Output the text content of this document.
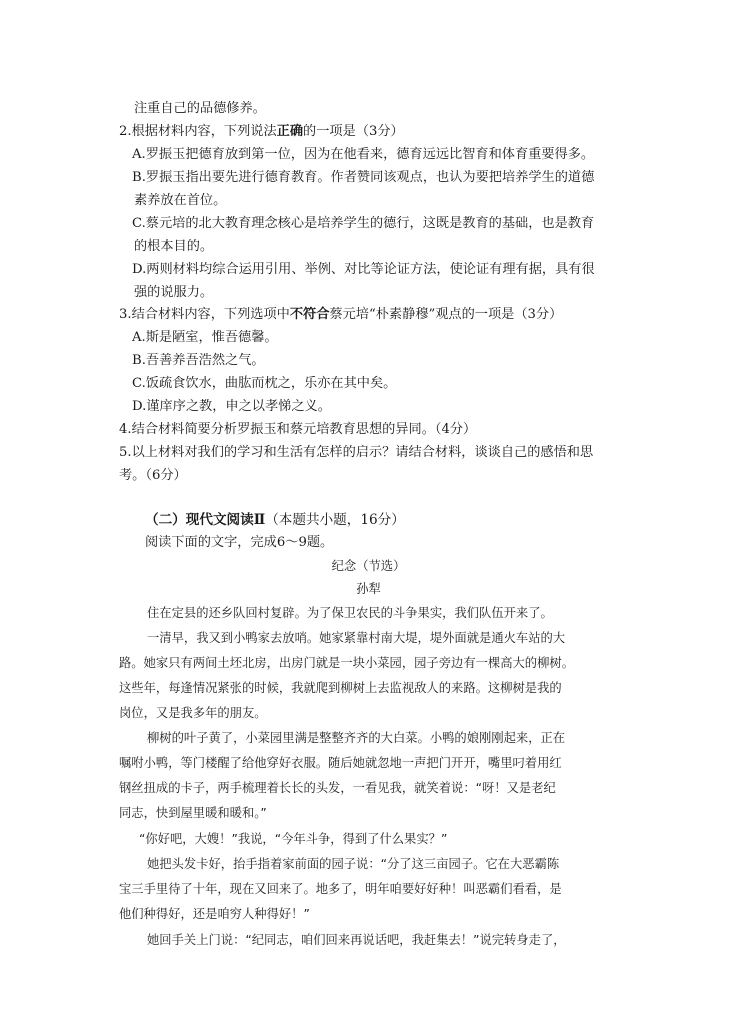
注重自己的品德修养。
2.根据材料内容，下列说法正确的一项是（3分）
A.罗振玉把德育放到第一位，因为在他看来，德育远远比智育和体育重要得多。
B.罗振玉指出要先进行德育教育。作者赞同该观点，也认为要把培养学生的道德
素养放在首位。
C.蔡元培的北大教育理念核心是培养学生的德行，这既是教育的基础，也是教育
的根本目的。
D.两则材料均综合运用引用、举例、对比等论证方法，使论证有理有据，具有很
强的说服力。
3.结合材料内容，下列选项中不符合蔡元培“朴素静穆”观点的一项是（3分）
A.斯是陋室，惟吾德馨。
B.吾善养吾浩然之气。
C.饭疏食饮水，曲肱而枕之，乐亦在其中矣。
D.谨庠序之教，申之以孝悌之义。
4.结合材料简要分析罗振玉和蔡元培教育思想的异同。（4分）
5.以上材料对我们的学习和生活有怎样的启示？请结合材料，谈谈自己的感悟和思
考。（6分）
（二）现代文阅读Ⅱ（本题共小题，16分）
阅读下面的文字，完成6～9题。
纪念（节选）
孙犁
住在定县的还乡队回村复辟。为了保卫农民的斗争果实，我们队伍开来了。
一清早，我又到小鸭家去放哨。她家紧靠村南大堤，堤外面就是通火车站的大
路。她家只有两间土坯北房，出房门就是一块小菜园，园子旁边有一棵高大的柳树。
这些年，每逢情况紧张的时候，我就爬到柳树上去监视敌人的来路。这柳树是我的
岗位，又是我多年的朋友。
柳树的叶子黄了，小菜园里满是整整齐齐的大白菜。小鸭的娘刚刚起来，正在
嘱咐小鸭，等门楼醒了给他穿好衣服。随后她就忽地一声把门开开，嘴里叼着用红
钢丝扭成的卡子，两手梳理着长长的头发，一看见我，就笑着说：“呀！又是老纪
同志，快到屋里暖和暖和。”
“你好吧，大嫂！”我说，“今年斗争，得到了什么果实？”
她把头发卡好，抬手指着家前面的园子说：“分了这三亩园子。它在大恶霸陈
宝三手里待了十年，现在又回来了。地多了，明年咱要好好种！叫恶霸们看看，是
他们种得好，还是咱穷人种得好！”
她回手关上门说：“纪同志，咱们回来再说话吧，我赶集去！”说完转身走了，
